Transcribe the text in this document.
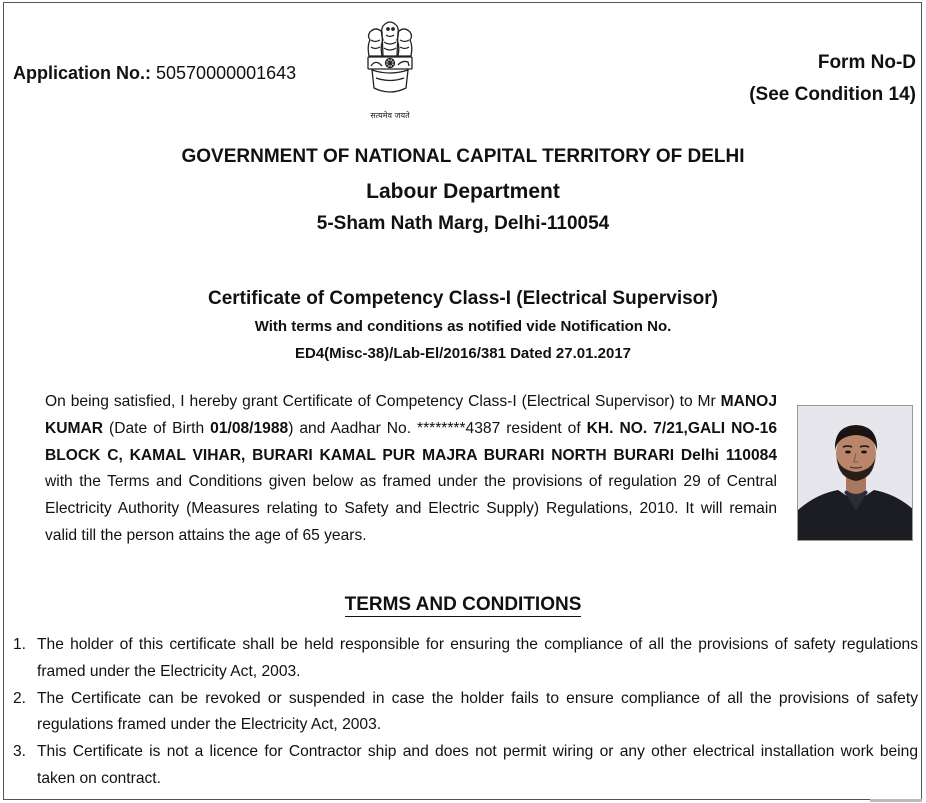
Application No.: 50570000001643
सत्यमेव जयते
Form No-D
(See Condition 14)
GOVERNMENT OF NATIONAL CAPITAL TERRITORY OF DELHI
Labour Department
5-Sham Nath Marg, Delhi-110054
Certificate of Competency Class-I (Electrical Supervisor)
With terms and conditions as notified vide Notification No.
ED4(Misc-38)/Lab-El/2016/381 Dated 27.01.2017
On being satisfied, I hereby grant Certificate of Competency Class-I (Electrical Supervisor) to Mr MANOJ KUMAR (Date of Birth 01/08/1988) and Aadhar No. ********4387 resident of KH. NO. 7/21,GALI NO-16 BLOCK C, KAMAL VIHAR, BURARI KAMAL PUR MAJRA BURARI NORTH BURARI Delhi 110084 with the Terms and Conditions given below as framed under the provisions of regulation 29 of Central Electricity Authority (Measures relating to Safety and Electric Supply) Regulations, 2010. It will remain valid till the person attains the age of 65 years.
TERMS AND CONDITIONS
1. The holder of this certificate shall be held responsible for ensuring the compliance of all the provisions of safety regulations framed under the Electricity Act, 2003.
2. The Certificate can be revoked or suspended in case the holder fails to ensure compliance of all the provisions of safety regulations framed under the Electricity Act, 2003.
3. This Certificate is not a licence for Contractor ship and does not permit wiring or any other electrical installation work being taken on contract.
